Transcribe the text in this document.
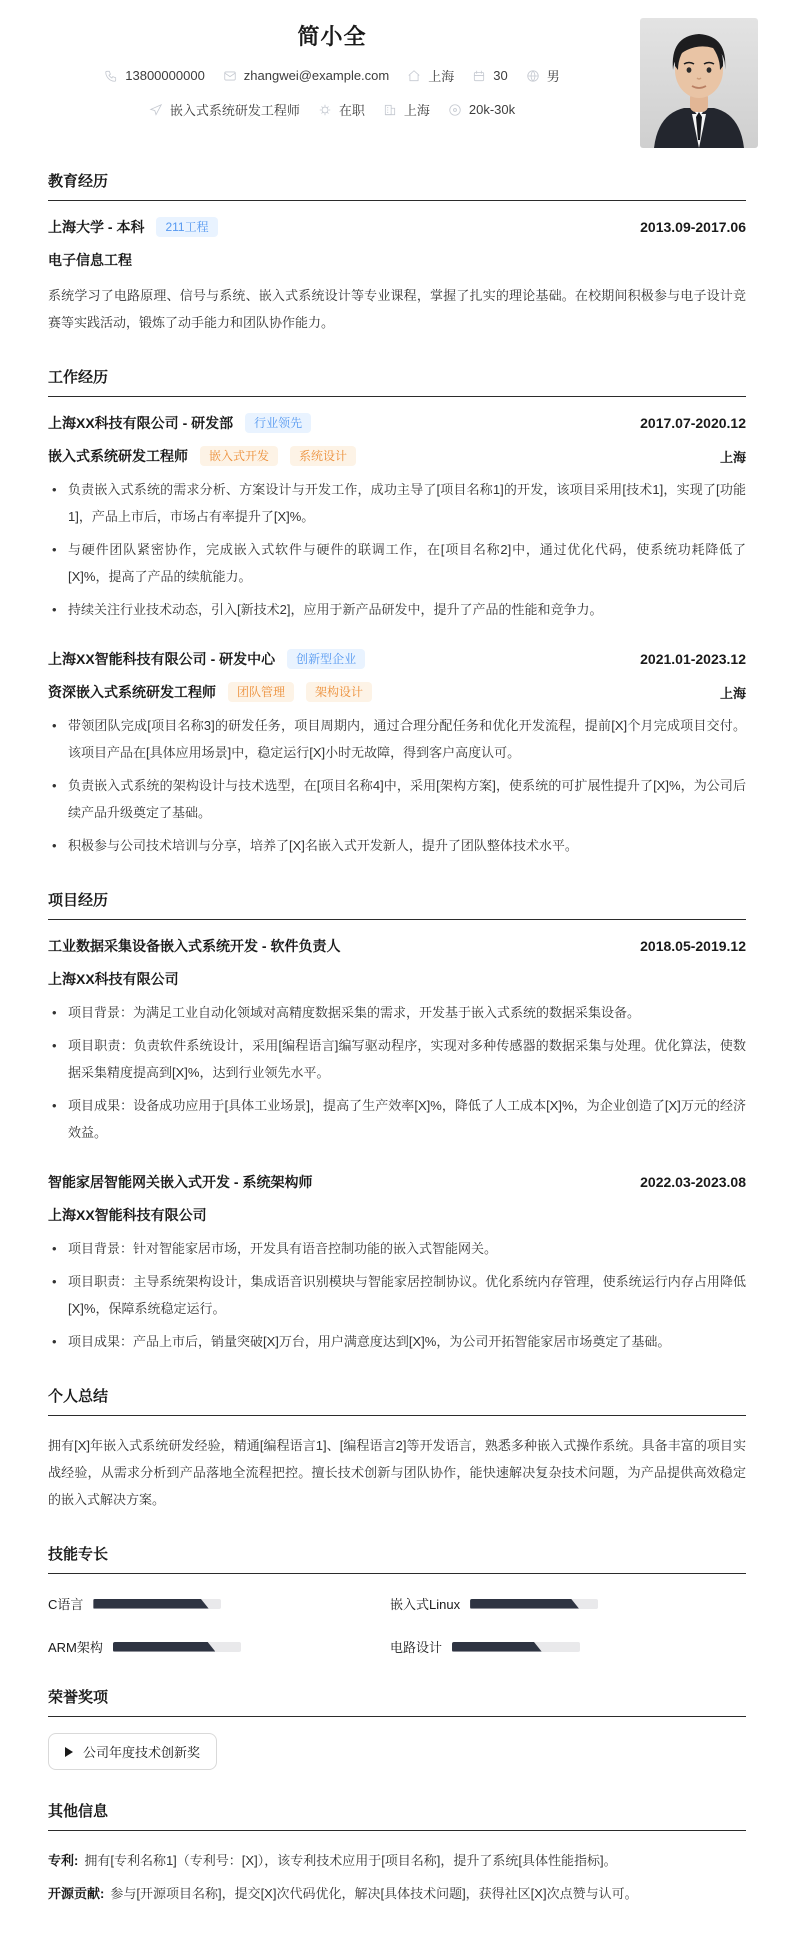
简小全
13800000000	zhangwei@example.com	上海	30	男
嵌入式系统研发工程师	在职	上海	20k-30k
教育经历
上海大学 - 本科	211工程	2013.09-2017.06
电子信息工程

系统学习了电路原理、信号与系统、嵌入式系统设计等专业课程，掌握了扎实的理论基础。在校期间积极参与电子设计竞赛等实践活动，锻炼了动手能力和团队协作能力。

工作经历
上海XX科技有限公司 - 研发部	行业领先	2017.07-2020.12
嵌入式系统研发工程师	嵌入式开发	系统设计	上海
• 负责嵌入式系统的需求分析、方案设计与开发工作，成功主导了[项目名称1]的开发，该项目采用[技术1]，实现了[功能1]，产品上市后，市场占有率提升了[X]%。
• 与硬件团队紧密协作，完成嵌入式软件与硬件的联调工作，在[项目名称2]中，通过优化代码，使系统功耗降低了[X]%，提高了产品的续航能力。
• 持续关注行业技术动态，引入[新技术2]，应用于新产品研发中，提升了产品的性能和竞争力。
上海XX智能科技有限公司 - 研发中心	创新型企业	2021.01-2023.12
资深嵌入式系统研发工程师	团队管理	架构设计	上海
• 带领团队完成[项目名称3]的研发任务，项目周期内，通过合理分配任务和优化开发流程，提前[X]个月完成项目交付。该项目产品在[具体应用场景]中，稳定运行[X]小时无故障，得到客户高度认可。
• 负责嵌入式系统的架构设计与技术选型，在[项目名称4]中，采用[架构方案]，使系统的可扩展性提升了[X]%，为公司后续产品升级奠定了基础。
• 积极参与公司技术培训与分享，培养了[X]名嵌入式开发新人，提升了团队整体技术水平。
项目经历
工业数据采集设备嵌入式系统开发 - 软件负责人	2018.05-2019.12
上海XX科技有限公司
• 项目背景：为满足工业自动化领域对高精度数据采集的需求，开发基于嵌入式系统的数据采集设备。
• 项目职责：负责软件系统设计，采用[编程语言]编写驱动程序，实现对多种传感器的数据采集与处理。优化算法，使数据采集精度提高到[X]%，达到行业领先水平。
• 项目成果：设备成功应用于[具体工业场景]，提高了生产效率[X]%，降低了人工成本[X]%，为企业创造了[X]万元的经济效益。
智能家居智能网关嵌入式开发 - 系统架构师	2022.03-2023.08
上海XX智能科技有限公司
• 项目背景：针对智能家居市场，开发具有语音控制功能的嵌入式智能网关。
• 项目职责：主导系统架构设计，集成语音识别模块与智能家居控制协议。优化系统内存管理，使系统运行内存占用降低[X]%，保障系统稳定运行。
• 项目成果：产品上市后，销量突破[X]万台，用户满意度达到[X]%，为公司开拓智能家居市场奠定了基础。
个人总结

拥有[X]年嵌入式系统研发经验，精通[编程语言1]、[编程语言2]等开发语言，熟悉多种嵌入式操作系统。具备丰富的项目实战经验，从需求分析到产品落地全流程把控。擅长技术创新与团队协作，能快速解决复杂技术问题，为产品提供高效稳定的嵌入式解决方案。

技能专长
C语言	嵌入式Linux
ARM架构	电路设计
荣誉奖项
公司年度技术创新奖
其他信息
专利: 拥有[专利名称1]（专利号：[X]），该专利技术应用于[项目名称]，提升了系统[具体性能指标]。
开源贡献: 参与[开源项目名称]，提交[X]次代码优化，解决[具体技术问题]，获得社区[X]次点赞与认可。
